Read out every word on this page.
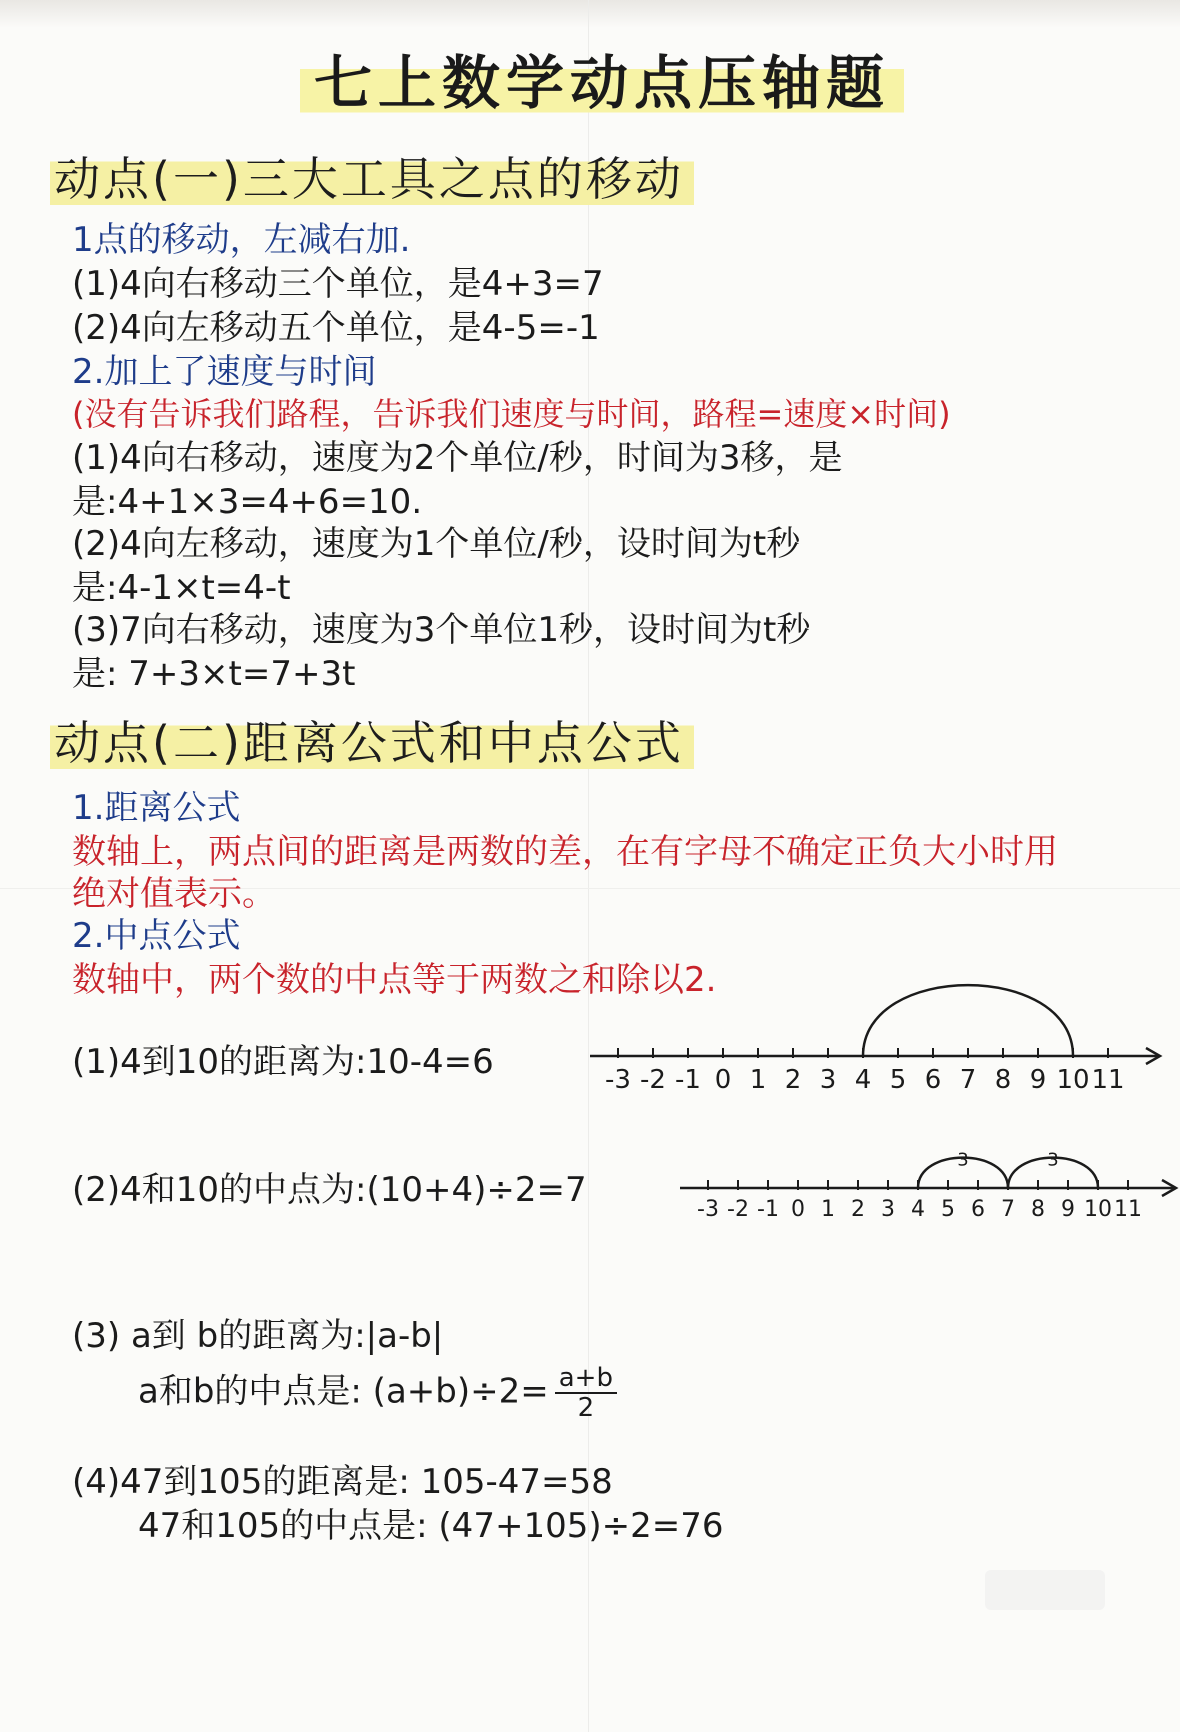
七上数学动点压轴题
动点(一)三大工具之点的移动
1点的移动，左减右加.
(1)4向右移动三个单位，是4+3=7
(2)4向左移动五个单位，是4-5=-1
2.加上了速度与时间
(没有告诉我们路程，告诉我们速度与时间，路程=速度×时间)
(1)4向右移动，速度为2个单位/秒，时间为3移，是
是:4+1×3=4+6=10.
(2)4向左移动，速度为1个单位/秒，设时间为t秒
是:4-1×t=4-t
(3)7向右移动，速度为3个单位1秒，设时间为t秒
是: 7+3×t=7+3t
动点(二)距离公式和中点公式
1.距离公式
数轴上，两点间的距离是两数的差，在有字母不确定正负大小时用
绝对值表示。
2.中点公式
数轴中，两个数的中点等于两数之和除以2.
(1)4到10的距离为:10-4=6
(2)4和10的中点为:(10+4)÷2=7
(3) a到 b的距离为:|a-b|
a和b的中点是: $(a+b)\div 2= \frac{a+b}{2}$
(4)47到105的距离是: 105-47=58
47和105的中点是: (47+105)÷2=76
-3 -2 -1 0 1 2 3 4 5 6 7 8 9 10 11
-3 -2 -1 0 1 2 3 4 5 6 7 8 9 10 11
3	3
